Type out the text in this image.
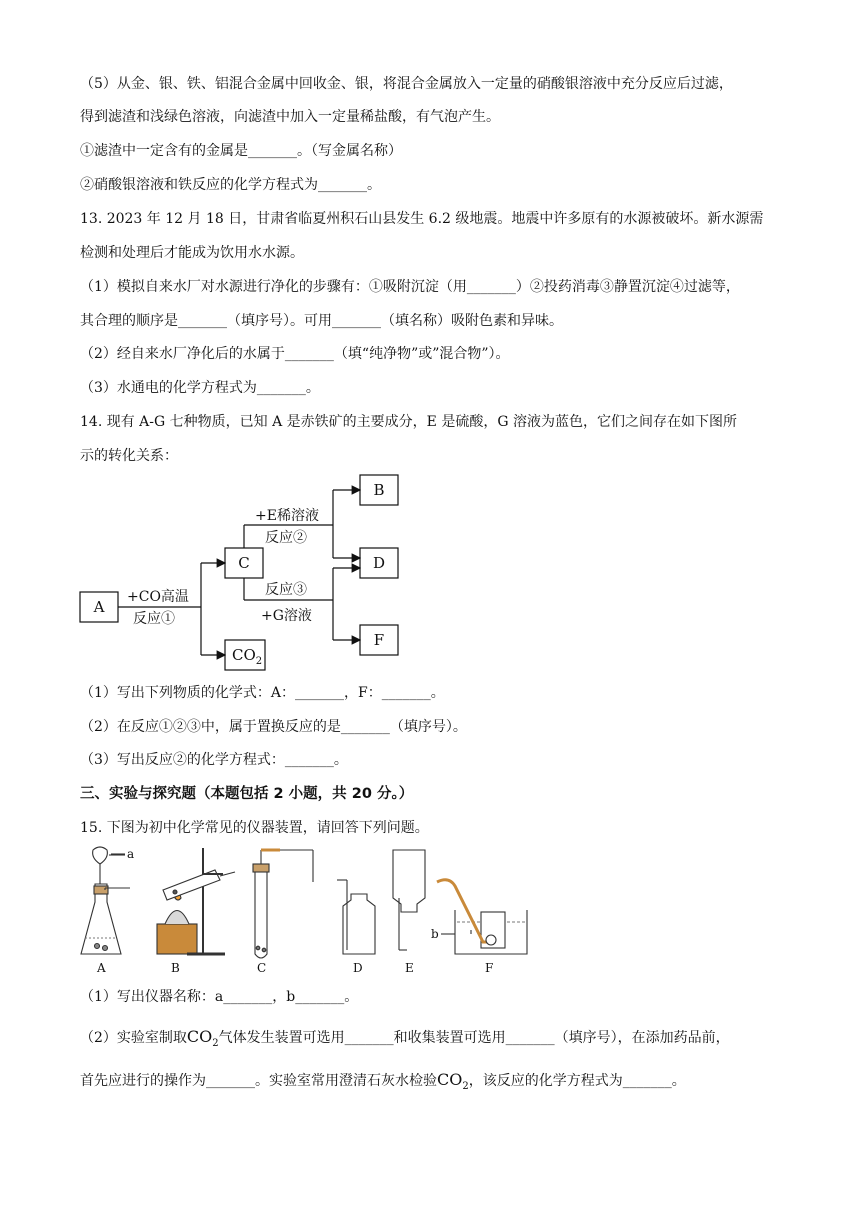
（5）从金、银、铁、铝混合金属中回收金、银，将混合金属放入一定量的硝酸银溶液中充分反应后过滤，
得到滤渣和浅绿色溶液，向滤渣中加入一定量稀盐酸，有气泡产生。
①滤渣中一定含有的金属是_______。（写金属名称）
②硝酸银溶液和铁反应的化学方程式为_______。
13. 2023 年 12 月 18 日，甘肃省临夏州积石山县发生 6.2 级地震。地震中许多原有的水源被破坏。新水源需
检测和处理后才能成为饮用水水源。
（1）模拟自来水厂对水源进行净化的步骤有：①吸附沉淀（用_______）②投药消毒③静置沉淀④过滤等，
其合理的顺序是_______（填序号）。可用_______（填名称）吸附色素和异味。
（2）经自来水厂净化后的水属于_______（填“纯净物”或”混合物”）。
（3）水通电的化学方程式为_______。
14. 现有 A-G 七种物质，已知 A 是赤铁矿的主要成分，E 是硫酸，G 溶液为蓝色，它们之间存在如下图所
示的转化关系：
A
C
B
D
F
$CO_2$
+CO高温
反应①
+E稀溶液
反应②
反应③
+G溶液
（1）写出下列物质的化学式：A：_______，F：_______。
（2）在反应①②③中，属于置换反应的是_______（填序号）。
（3）写出反应②的化学方程式：_______。
三、实验与探究题（本题包括 2 小题，共 20 分。）
15. 下图为初中化学常见的仪器装置，请回答下列问题。
a
b
A	B	C	D	E	F
（1）写出仪器名称：a_______，b_______。
（2）实验室制取$CO_2$气体发生装置可选用_______和收集装置可选用_______（填序号），在添加药品前，
首先应进行的操作为_______。实验室常用澄清石灰水检验$CO_2$，该反应的化学方程式为_______。
